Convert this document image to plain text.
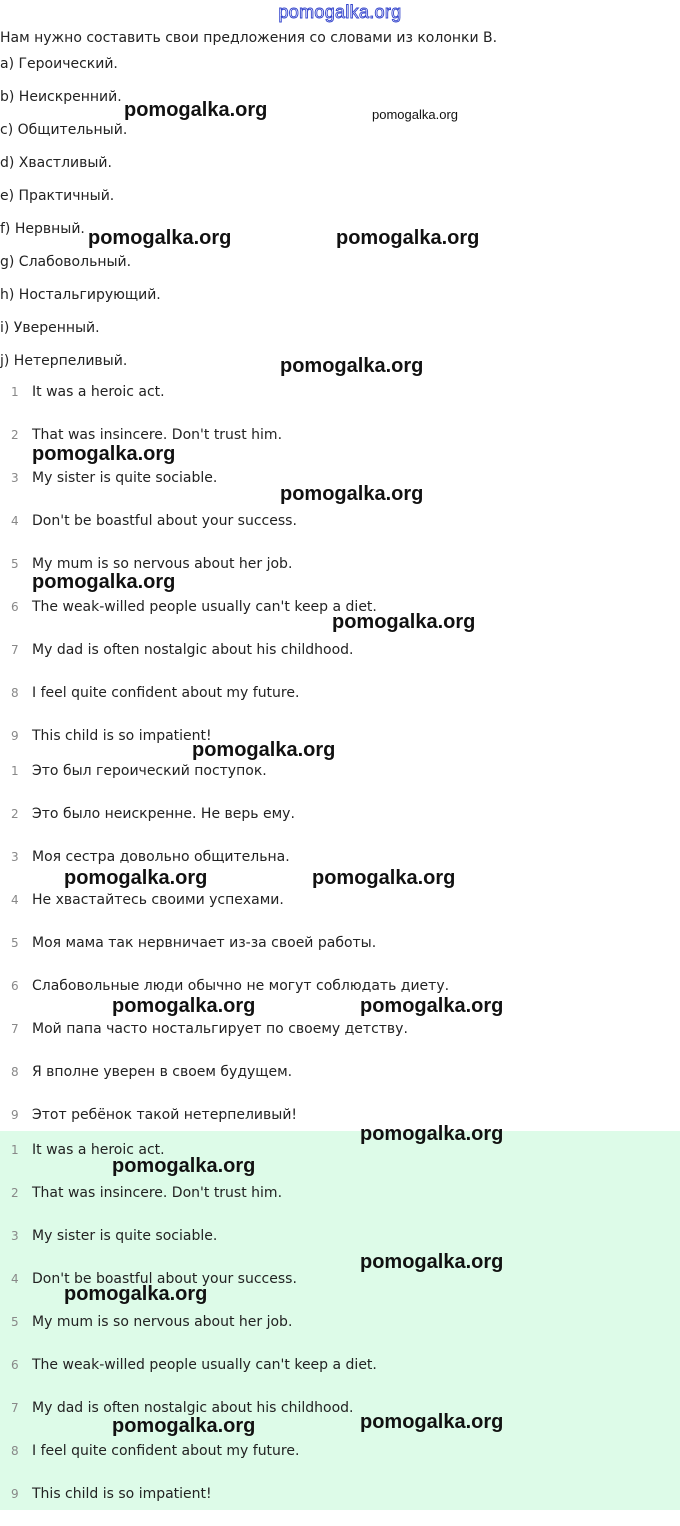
pomogalka.org
Нам нужно составить свои предложения со словами из колонки B.
a) Героический.
b) Неискренний.
c) Общительный.
d) Хвастливый.
e) Практичный.
f) Нервный.
g) Слабовольный.
h) Ностальгирующий.
i) Уверенный.
j) Нетерпеливый.
1 It was a heroic act.
2 That was insincere. Don't trust him.
3 My sister is quite sociable.
4 Don't be boastful about your success.
5 My mum is so nervous about her job.
6 The weak-willed people usually can't keep a diet.
7 My dad is often nostalgic about his childhood.
8 I feel quite confident about my future.
9 This child is so impatient!
1 Это был героический поступок.
2 Это было неискренне. Не верь ему.
3 Моя сестра довольно общительна.
4 Не хвастайтесь своими успехами.
5 Моя мама так нервничает из-за своей работы.
6 Слабовольные люди обычно не могут соблюдать диету.
7 Мой папа часто ностальгирует по своему детству.
8 Я вполне уверен в своем будущем.
9 Этот ребёнок такой нетерпеливый!
1 It was a heroic act.
2 That was insincere. Don't trust him.
3 My sister is quite sociable.
4 Don't be boastful about your success.
5 My mum is so nervous about her job.
6 The weak-willed people usually can't keep a diet.
7 My dad is often nostalgic about his childhood.
8 I feel quite confident about my future.
9 This child is so impatient!
pomogalka.org	pomogalka.org
pomogalka.org	pomogalka.org
pomogalka.org
pomogalka.org
pomogalka.org
pomogalka.org
pomogalka.org
pomogalka.org
pomogalka.org	pomogalka.org
pomogalka.org	pomogalka.org
pomogalka.org
pomogalka.org
pomogalka.org
pomogalka.org
pomogalka.org
pomogalka.org
